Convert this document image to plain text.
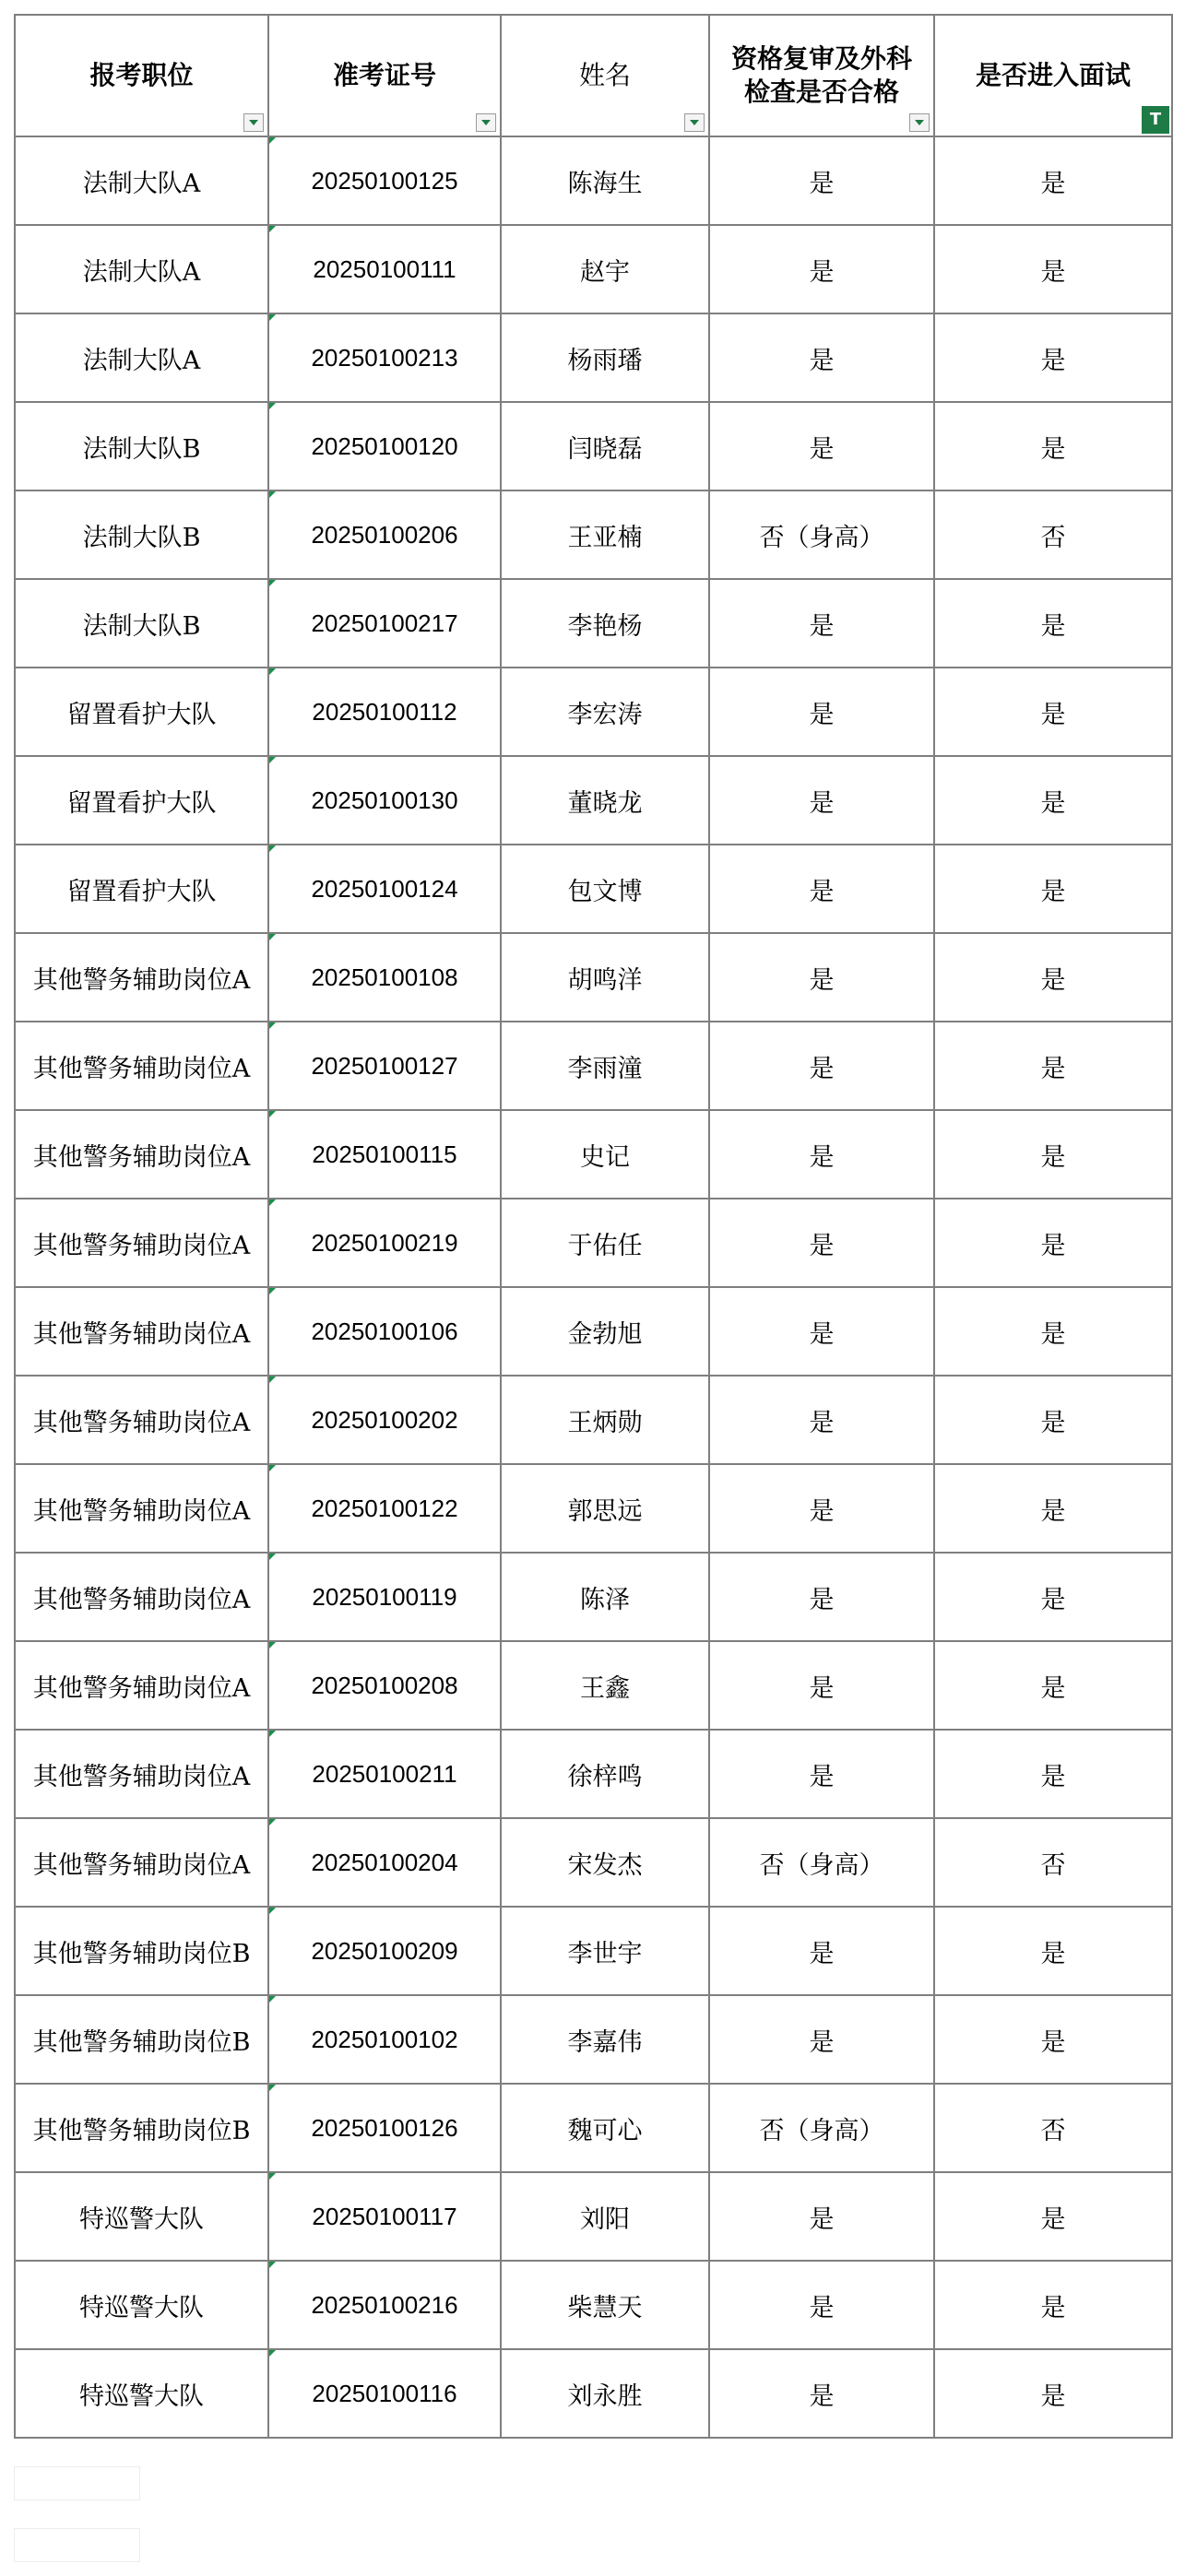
报考职位	准考证号	姓名	资格复审及外科检查是否合格	是否进入面试
T

法制大队A	20250100125	陈海生	是	是
法制大队A	20250100111	赵宇	是	是
法制大队A	20250100213	杨雨璠	是	是
法制大队B	20250100120	闫晓磊	是	是
法制大队B	20250100206	王亚楠	否（身高）	否
法制大队B	20250100217	李艳杨	是	是
留置看护大队	20250100112	李宏涛	是	是
留置看护大队	20250100130	董晓龙	是	是
留置看护大队	20250100124	包文博	是	是
其他警务辅助岗位A	20250100108	胡鸣洋	是	是
其他警务辅助岗位A	20250100127	李雨潼	是	是
其他警务辅助岗位A	20250100115	史记	是	是
其他警务辅助岗位A	20250100219	于佑任	是	是
其他警务辅助岗位A	20250100106	金勃旭	是	是
其他警务辅助岗位A	20250100202	王炳勋	是	是
其他警务辅助岗位A	20250100122	郭思远	是	是
其他警务辅助岗位A	20250100119	陈泽	是	是
其他警务辅助岗位A	20250100208	王鑫	是	是
其他警务辅助岗位A	20250100211	徐梓鸣	是	是
其他警务辅助岗位A	20250100204	宋发杰	否（身高）	否
其他警务辅助岗位B	20250100209	李世宇	是	是
其他警务辅助岗位B	20250100102	李嘉伟	是	是
其他警务辅助岗位B	20250100126	魏可心	否（身高）	否
特巡警大队	20250100117	刘阳	是	是
特巡警大队	20250100216	柴慧天	是	是
特巡警大队	20250100116	刘永胜	是	是
